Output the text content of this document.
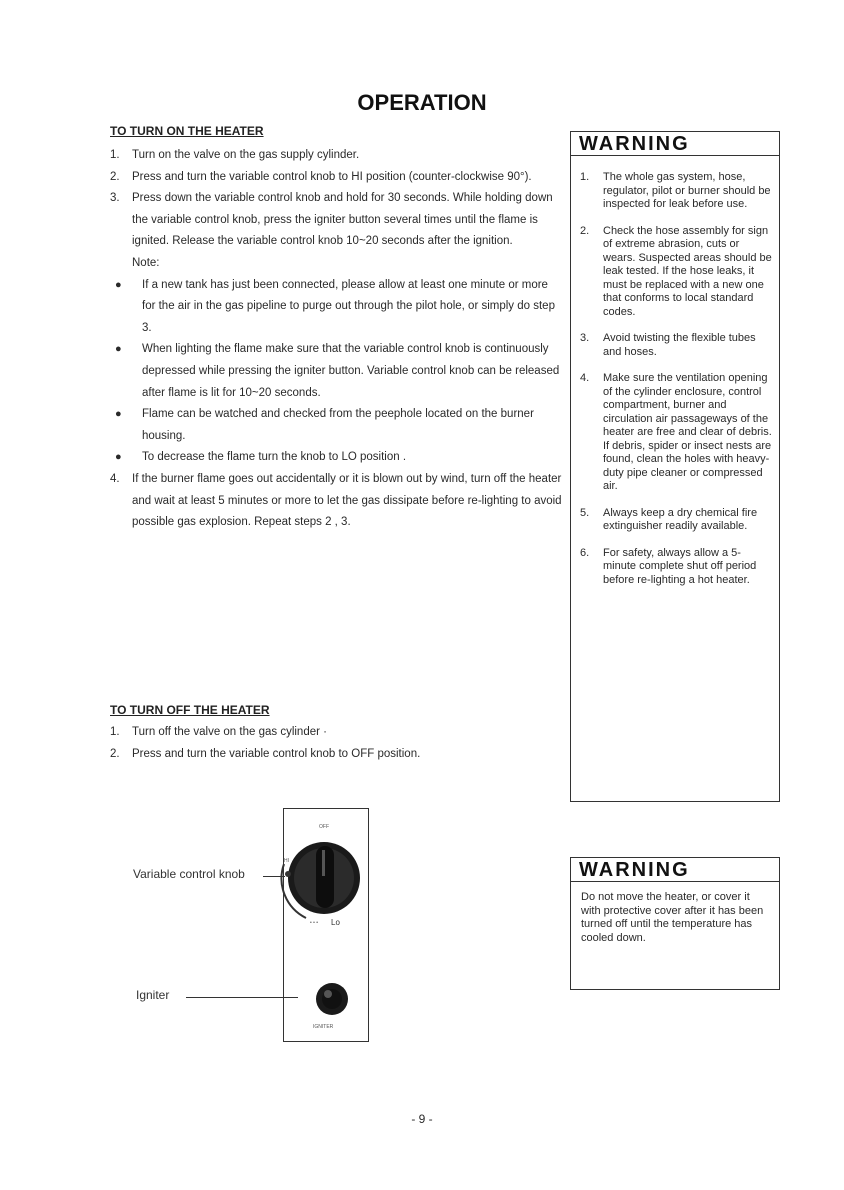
OPERATION
TO TURN ON THE HEATER
1. Turn on the valve on the gas supply cylinder.
2. Press and turn the variable control knob to HI position (counter-clockwise 90°).
3. Press down the variable control knob and hold for 30 seconds. While holding down the variable control knob, press the igniter button several times until the flame is ignited. Release the variable control knob 10~20 seconds after the ignition.
Note:
● If a new tank has just been connected, please allow at least one minute or more for the air in the gas pipeline to purge out through the pilot hole, or simply do step 3.
● When lighting the flame make sure that the variable control knob is continuously depressed while pressing the igniter button. Variable control knob can be released after flame is lit for 10~20 seconds.
● Flame can be watched and checked from the peephole located on the burner housing.
● To decrease the flame turn the knob to LO position .
4. If the burner flame goes out accidentally or it is blown out by wind, turn off the heater and wait at least 5 minutes or more to let the gas dissipate before re-lighting to avoid possible gas explosion. Repeat steps 2 , 3.
TO TURN OFF THE HEATER
1. Turn off the valve on the gas cylinder ·
2. Press and turn the variable control knob to OFF position.
WARNING
1. The whole gas system, hose, regulator, pilot or burner should be inspected for leak before use.
2. Check the hose assembly for sign of extreme abrasion, cuts or wears. Suspected areas should be leak tested. If the hose leaks, it must be replaced with a new one that conforms to local standard codes.
3. Avoid twisting the flexible tubes and hoses.
4. Make sure the ventilation opening of the cylinder enclosure, control compartment, burner and circulation air passageways of the heater are free and clear of debris. If debris, spider or insect nests are found, clean the holes with heavy-duty pipe cleaner or compressed air.
5. Always keep a dry chemical fire extinguisher readily available.
6. For safety, always allow a 5-minute complete shut off period before re-lighting a hot heater.
WARNING
Do not move the heater, or cover it with protective cover after it has been turned off until the temperature has cooled down.
• • •
OFF
HI
Lo
IGNITER
Variable control knob
Igniter
- 9 -
